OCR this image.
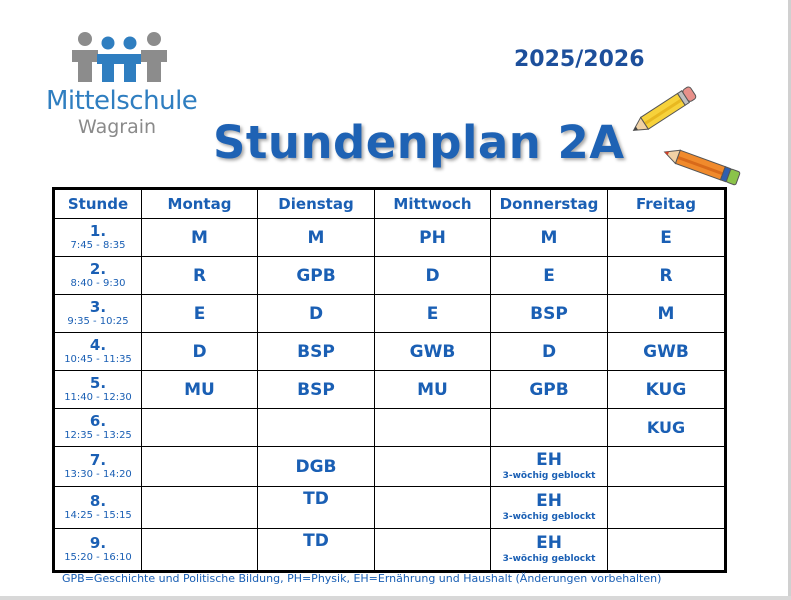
Mittelschule
Wagrain
2025/2026
Stundenplan 2A
Stunde	Montag	Dienstag	Mittwoch	Donnerstag	Freitag

1.
7:45 - 8:35	M	M	PH	M	E

2.
8:40 - 9:30	R	GPB	D	E	R

3.
9:35 - 10:25	E	D	E	BSP	M

4.
10:45 - 11:35	D	BSP	GWB	D	GWB

5.
11:40 - 12:30	MU	BSP	MU	GPB	KUG

6.
12:35 - 13:25					KUG

7.
13:30 - 14:20		DGB		EH
3-wöchig geblockt	

8.
14:25 - 15:15		TD		EH
3-wöchig geblockt	

9.
15:20 - 16:10		TD		EH
3-wöchig geblockt	

GPB=Geschichte und Politische Bildung, PH=Physik, EH=Ernährung und Haushalt (Änderungen vorbehalten)
